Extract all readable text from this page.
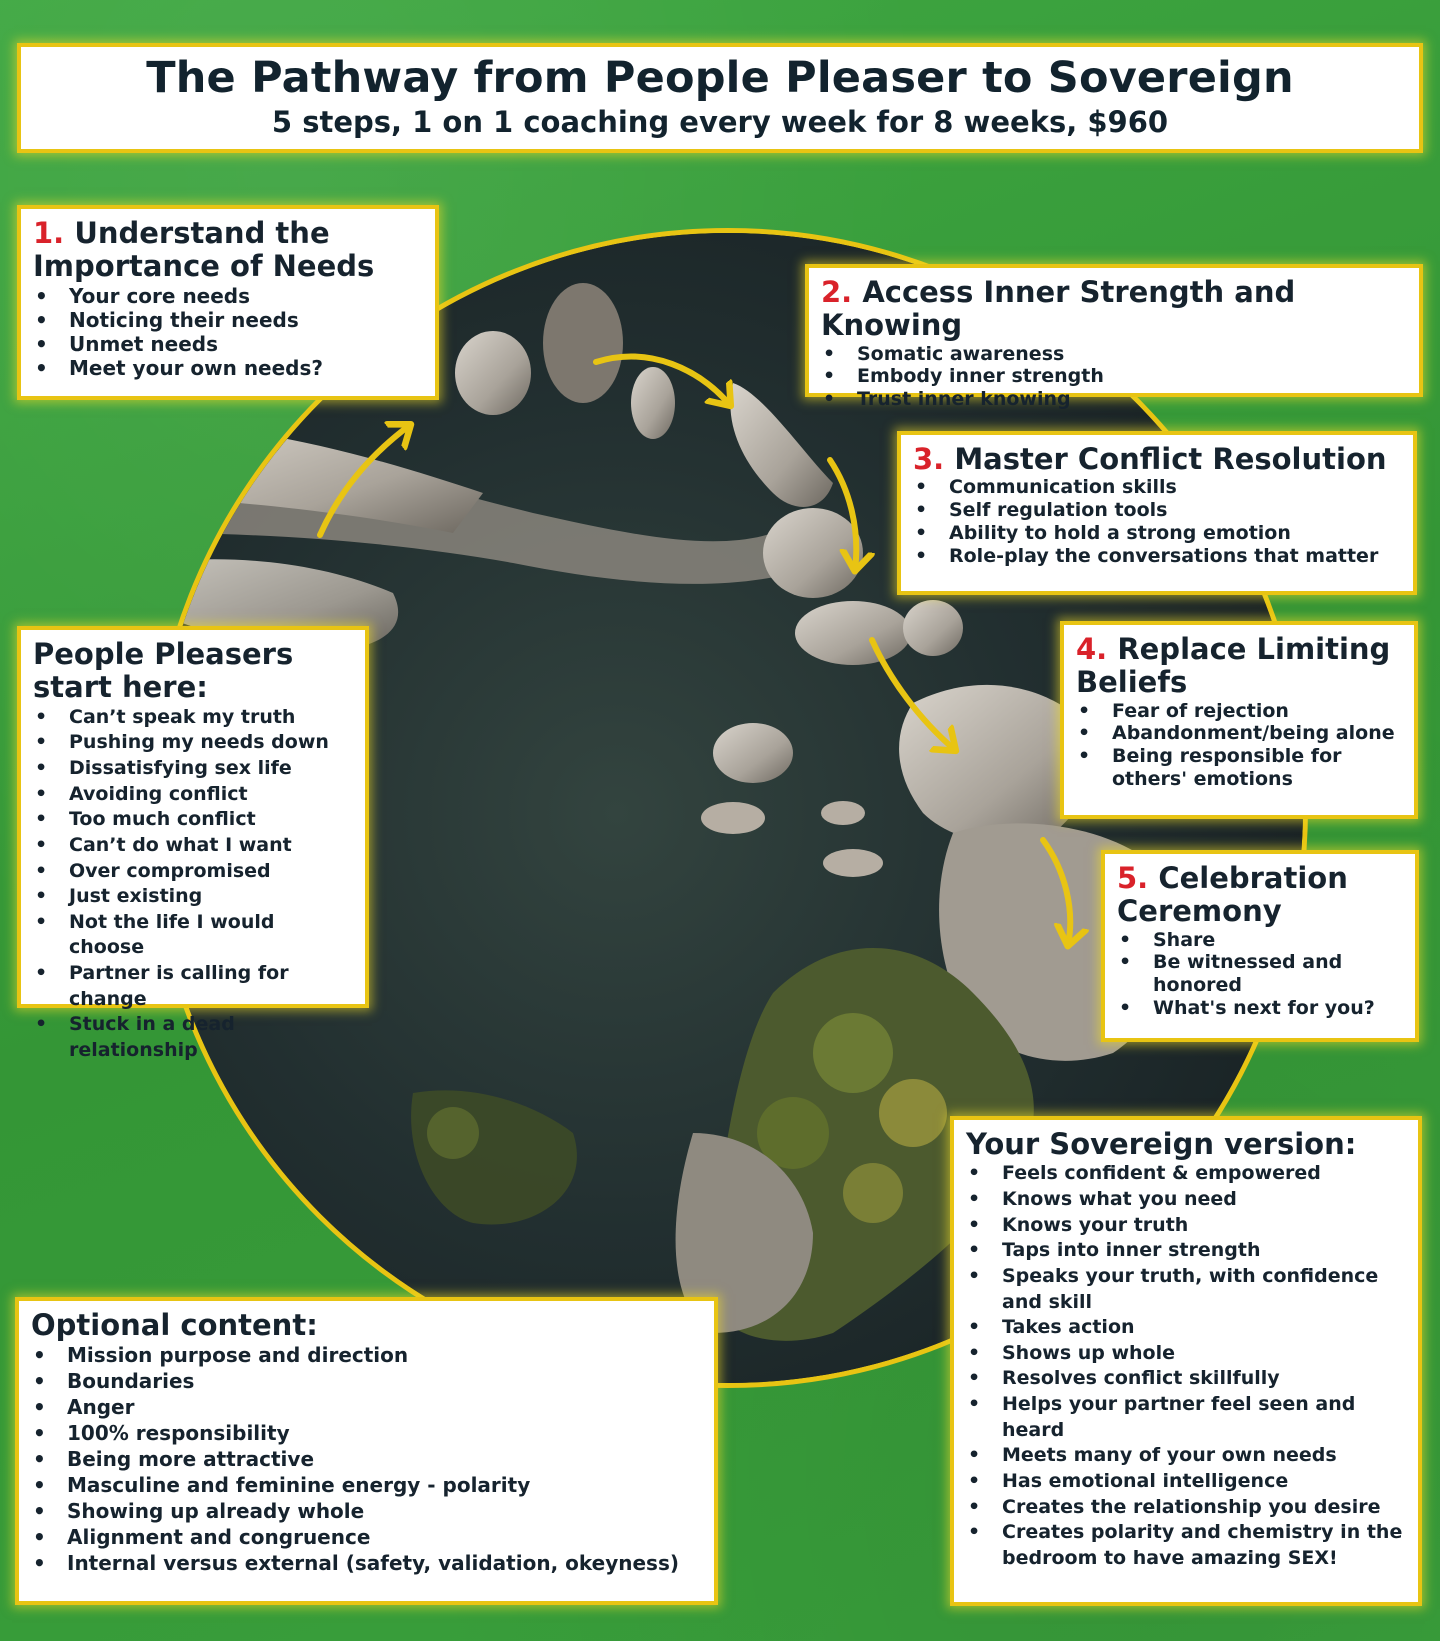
The Pathway from People Pleaser to Sovereign
5 steps, 1 on 1 coaching every week for 8 weeks, $960
1. Understand the Importance of Needs
• Your core needs
• Noticing their needs
• Unmet needs
• Meet your own needs?
2. Access Inner Strength and Knowing
• Somatic awareness
• Embody inner strength
• Trust inner knowing
3. Master Conflict Resolution
• Communication skills
• Self regulation tools
• Ability to hold a strong emotion
• Role-play the conversations that matter
4. Replace Limiting Beliefs
• Fear of rejection
• Abandonment/being alone
• Being responsible for others' emotions
5. Celebration Ceremony
• Share
• Be witnessed and honored
• What's next for you?
People Pleasers start here:
• Can’t speak my truth
• Pushing my needs down
• Dissatisfying sex life
• Avoiding conflict
• Too much conflict
• Can’t do what I want
• Over compromised
• Just existing
• Not the life I would choose
• Partner is calling for change
• Stuck in a dead relationship
Your Sovereign version:
• Feels confident & empowered
• Knows what you need
• Knows your truth
• Taps into inner strength
• Speaks your truth, with confidence and skill
• Takes action
• Shows up whole
• Resolves conflict skillfully
• Helps your partner feel seen and heard
• Meets many of your own needs
• Has emotional intelligence
• Creates the relationship you desire
• Creates polarity and chemistry in the bedroom to have amazing SEX!
Optional content:
• Mission purpose and direction
• Boundaries
• Anger
• 100% responsibility
• Being more attractive
• Masculine and feminine energy - polarity
• Showing up already whole
• Alignment and congruence
• Internal versus external (safety, validation, okeyness)
